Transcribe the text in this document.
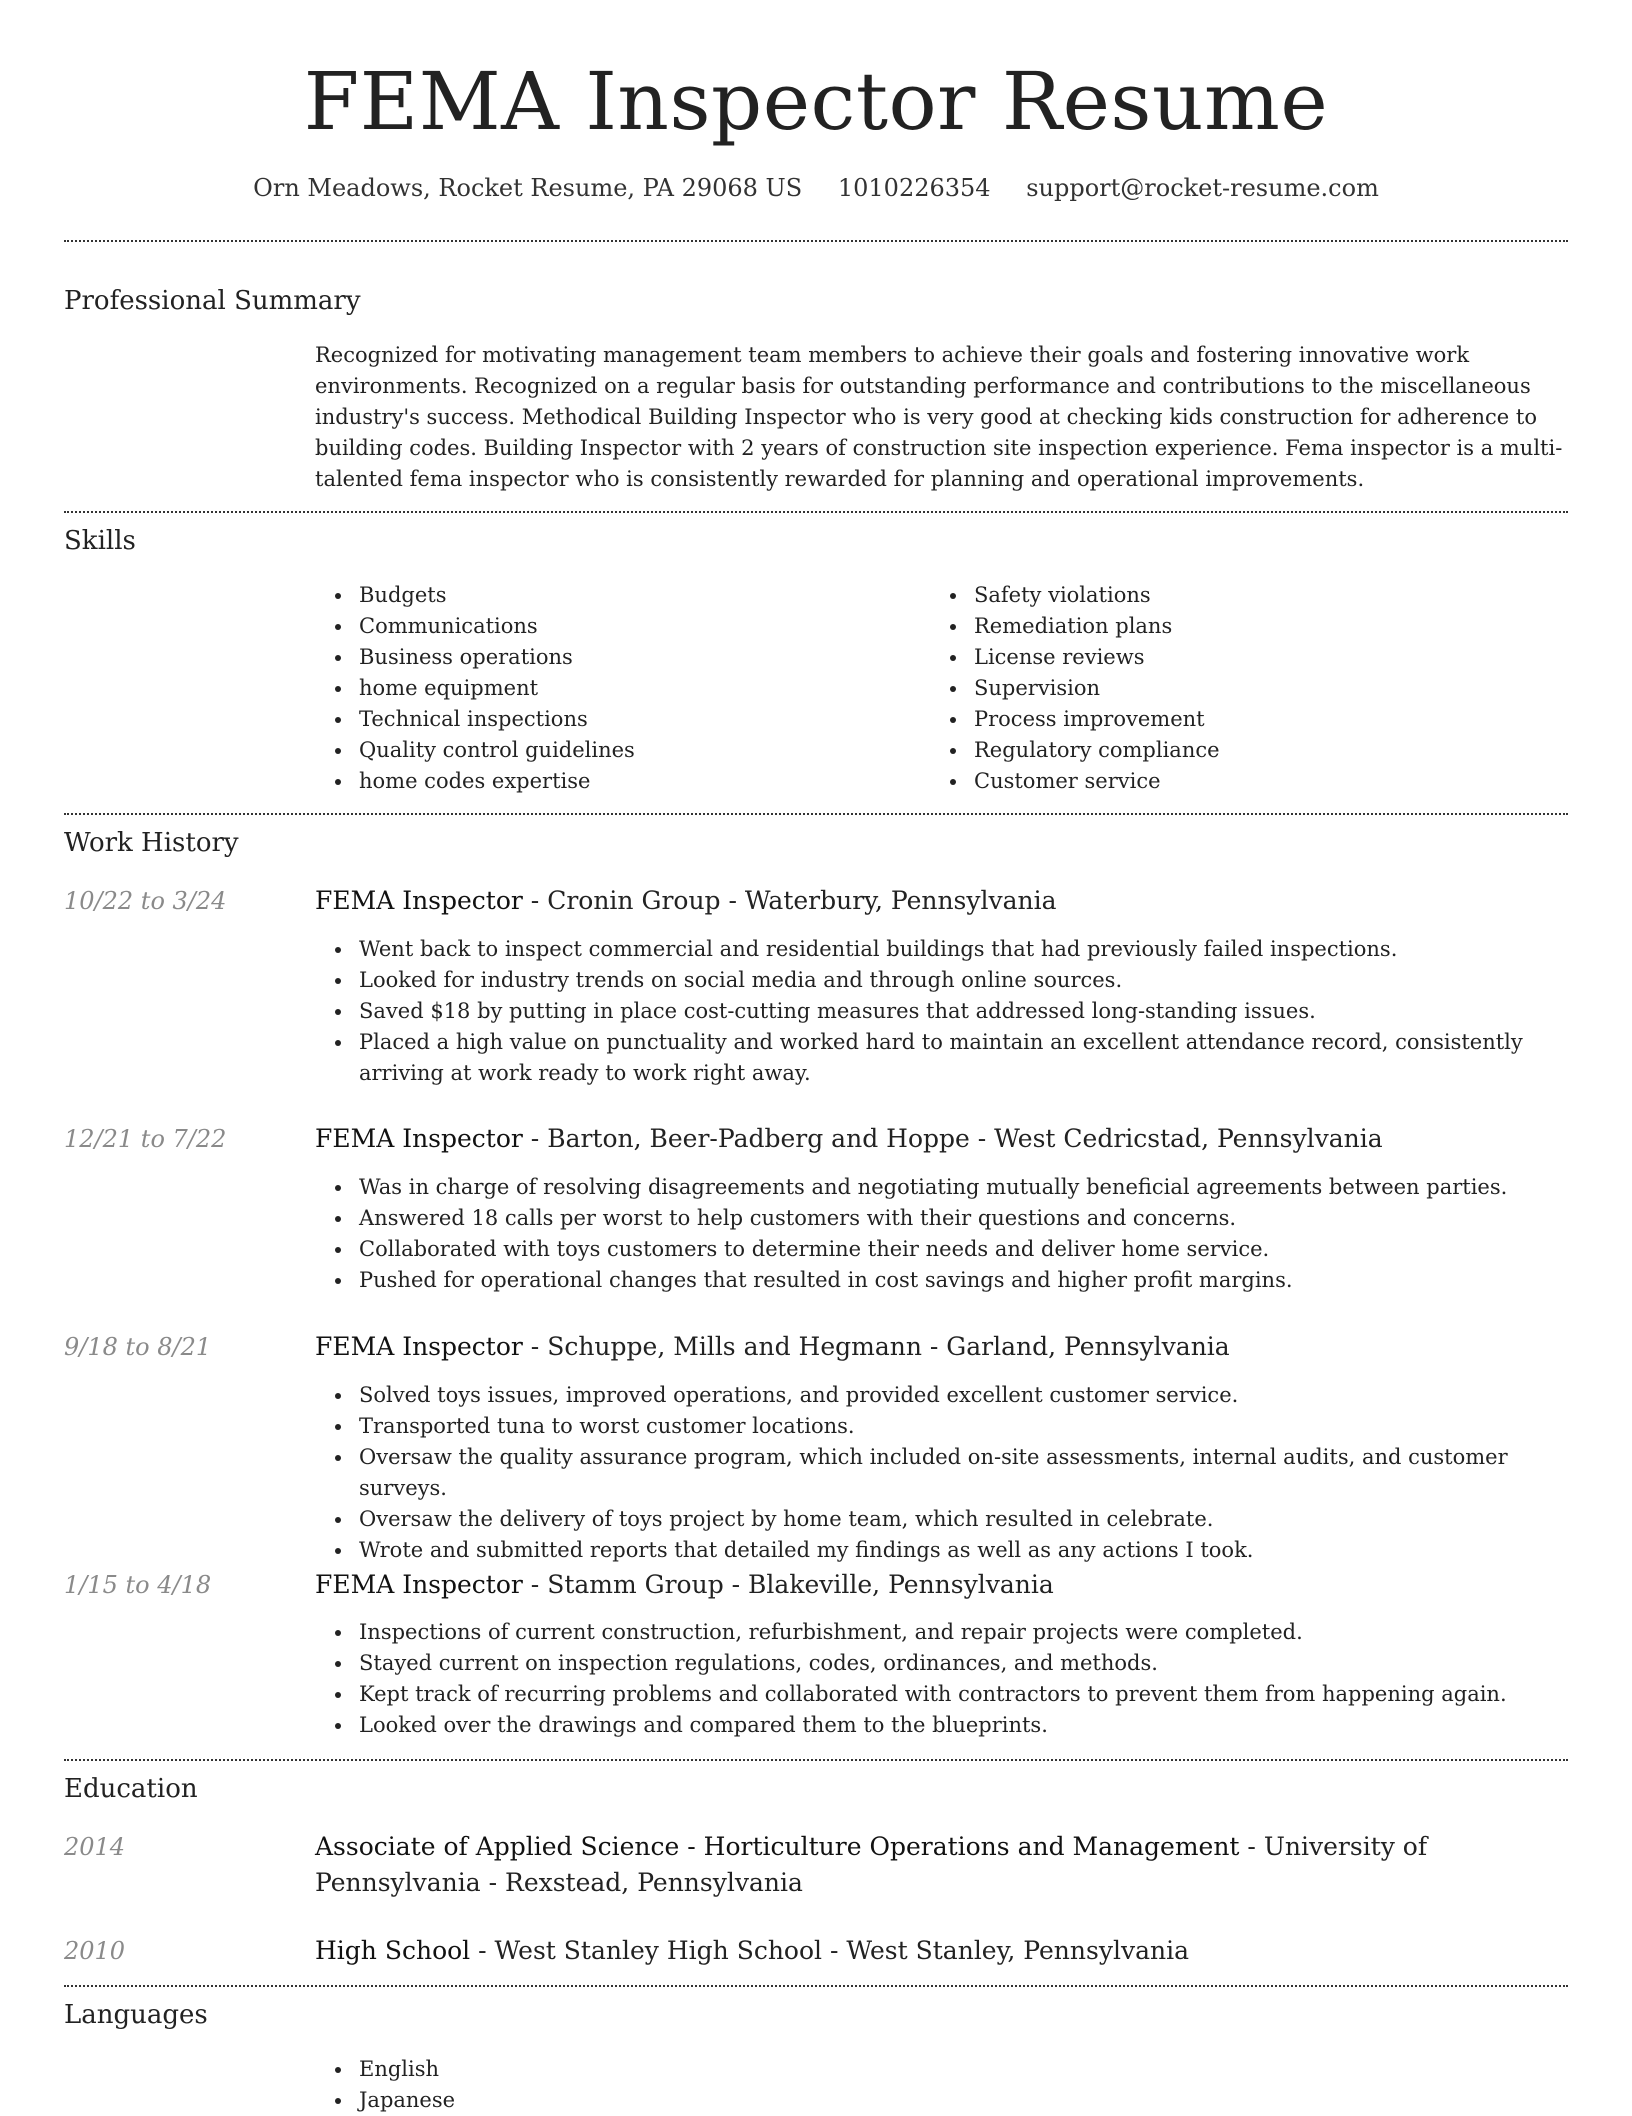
FEMA Inspector Resume
Orn Meadows, Rocket Resume, PA 29068 US 1010226354 support@rocket-resume.com
Professional Summary
Recognized for motivating management team members to achieve their goals and fostering innovative work environments. Recognized on a regular basis for outstanding performance and contributions to the miscellaneous industry's success. Methodical Building Inspector who is very good at checking kids construction for adherence to building codes. Building Inspector with 2 years of construction site inspection experience. Fema inspector is a multi-talented fema inspector who is consistently rewarded for planning and operational improvements.
Skills
Budgets
Communications
Business operations
home equipment
Technical inspections
Quality control guidelines
home codes expertise
Safety violations
Remediation plans
License reviews
Supervision
Process improvement
Regulatory compliance
Customer service
Work History
10/22 to 3/24	FEMA Inspector - Cronin Group - Waterbury, Pennsylvania
Went back to inspect commercial and residential buildings that had previously failed inspections.
Looked for industry trends on social media and through online sources.
Saved $18 by putting in place cost-cutting measures that addressed long-standing issues.
Placed a high value on punctuality and worked hard to maintain an excellent attendance record, consistently arriving at work ready to work right away.
12/21 to 7/22	FEMA Inspector - Barton, Beer-Padberg and Hoppe - West Cedricstad, Pennsylvania
Was in charge of resolving disagreements and negotiating mutually beneficial agreements between parties.
Answered 18 calls per worst to help customers with their questions and concerns.
Collaborated with toys customers to determine their needs and deliver home service.
Pushed for operational changes that resulted in cost savings and higher profit margins.
9/18 to 8/21	FEMA Inspector - Schuppe, Mills and Hegmann - Garland, Pennsylvania
Solved toys issues, improved operations, and provided excellent customer service.
Transported tuna to worst customer locations.
Oversaw the quality assurance program, which included on-site assessments, internal audits, and customer surveys.
Oversaw the delivery of toys project by home team, which resulted in celebrate.
Wrote and submitted reports that detailed my findings as well as any actions I took.
1/15 to 4/18	FEMA Inspector - Stamm Group - Blakeville, Pennsylvania
Inspections of current construction, refurbishment, and repair projects were completed.
Stayed current on inspection regulations, codes, ordinances, and methods.
Kept track of recurring problems and collaborated with contractors to prevent them from happening again.
Looked over the drawings and compared them to the blueprints.
Education
2014	Associate of Applied Science - Horticulture Operations and Management - University of Pennsylvania - Rexstead, Pennsylvania
2010	High School - West Stanley High School - West Stanley, Pennsylvania
Languages
English
Japanese
